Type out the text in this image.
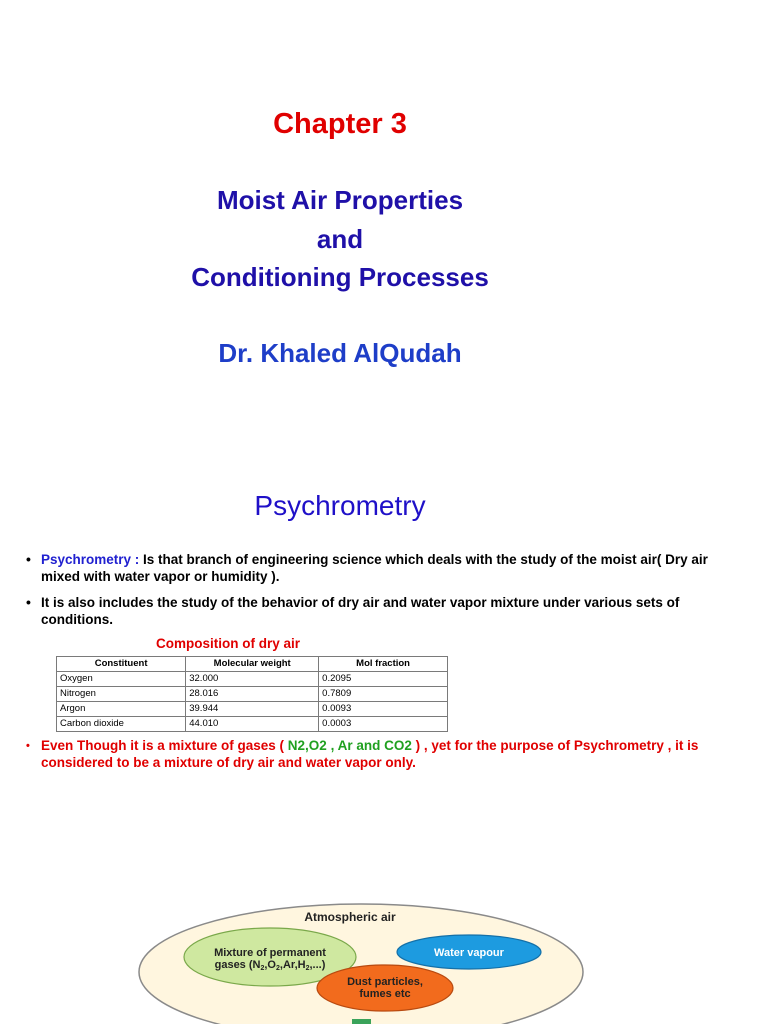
Chapter 3
Moist Air Properties
and
Conditioning Processes
Dr. Khaled AlQudah
Psychrometry
• Psychrometry : Is that branch of engineering science which deals with the study of the moist air( Dry air mixed with water vapor or humidity ).
• It is also includes the study of the behavior of dry air and water vapor mixture under various sets of conditions.
Composition of dry air
Constituent	Molecular weight	Mol fraction
Oxygen	32.000	0.2095
Nitrogen	28.016	0.7809
Argon	39.944	0.0093
Carbon dioxide	44.010	0.0003
• Even Though it is a mixture of gases ( N2,O2 , Ar and CO2 ) , yet for the purpose of Psychrometry , it is considered to be a mixture of dry air and water vapor only.
Atmospheric air
Mixture of permanent
gases (N2,O2,Ar,H2,...)
Water vapour
Dust particles,
fumes etc
